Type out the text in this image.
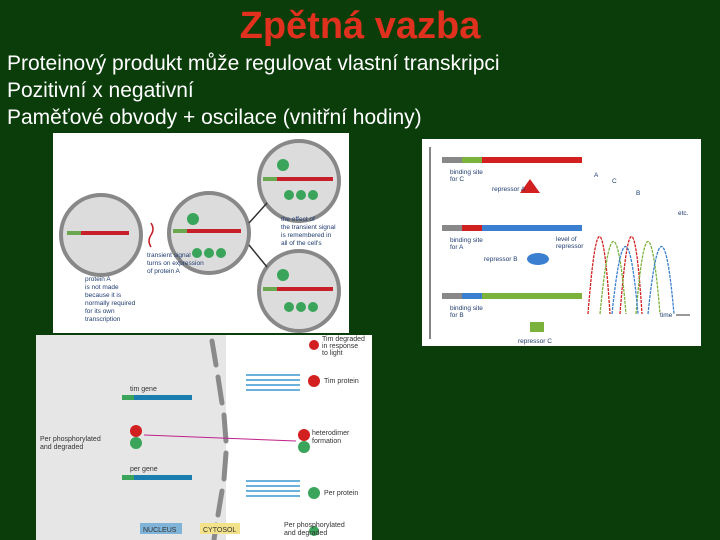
Zpětná vazba
Proteinový produkt může regulovat vlastní transkripci
Pozitivní x negativní
Paměťové obvody + oscilace (vnitřní hodiny)
the effect of the transient signal is remembered in all of the cell's
transient signal turns on expression of protein A
protein A is not made because it is normally required for its own transcription
binding site for C
repressor A
binding site for A
repressor B
binding site for B
repressor C
level of repressor
A
C
B
etc.
time
tim gene
per gene
Per phosphorylated and degraded
Tim degraded in response to light
Tim protein
heterodimer formation
Per protein
Per phosphorylated and degraded
NUCLEUS	CYTOSOL
